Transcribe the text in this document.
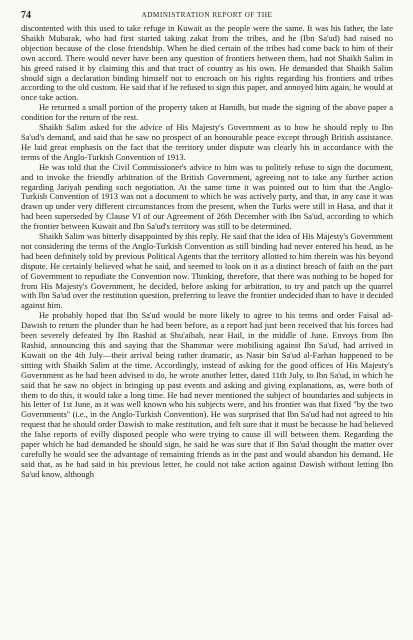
74	ADMINISTRATION REPORT OF THE

discontented with this used to take refuge in Kuwait as the people were the same. It was his father, the late Shaikh Mubarak, who had first started taking zakat from the tribes, and he (Ibn Sa'ud) had raised no objection because of the close friendship. When he died certain of the tribes had come back to him of their own accord. There would never have been any question of frontiers between them, had not Shaikh Salim in his greed raised it by claiming this and that tract of country as his own. He demanded that Shaikh Salim should sign a declaration binding himself not to encroach on his rights regarding his frontiers and tribes according to the old custom. He said that if he refused to sign this paper, and annoyed him again, he would at once take action.

He returned a small portion of the property taken at Hamdh, but made the signing of the above paper a condition for the return of the rest.

Shaikh Salim asked for the advice of His Majesty's Government as to how he should reply to Ibn Sa'ud's demand, and said that he saw no prospect of an honourable peace except through British assistance. He laid great emphasis on the fact that the territory under dispute was clearly his in accordance with the terms of the Anglo-Turkish Convention of 1913.

He was told that the Civil Commissioner's advice to him was to politely refuse to sign the document, and to invoke the friendly arbitration of the British Government, agreeing not to take any further action regarding Jariyah pending such negotiation. At the same time it was pointed out to him that the Anglo-Turkish Convention of 1913 was not a document to which he was actively party, and that, in any case it was drawn up under very different circumstances from the present, when the Turks were still in Hasa, and that it had been superseded by Clause VI of our Agreement of 26th December with Ibn Sa'ud, according to which the frontier between Kuwait and Ibn Sa'ud's territory was still to be determined.

Shaikh Salim was bitterly disappointed by this reply. He said that the idea of His Majesty's Government not considering the terms of the Anglo-Turkish Convention as still binding had never entered his head, as he had been definitely told by previous Political Agents that the territory allotted to him therein was his beyond dispute. He certainly believed what he said, and seemed to look on it as a distinct breach of faith on the part of Government to repudiate the Convention now. Thinking, therefore, that there was nothing to be hoped for from His Majesty's Government, he decided, before asking for arbitration, to try and patch up the quarrel with Ibn Sa'ud over the restitution question, preferring to leave the frontier undecided than to have it decided against him.

He probably hoped that Ibn Sa'ud would be more likely to agree to his terms and order Faisal ad-Dawish to return the plunder than he had been before, as a report had just been received that his forces had been severely defeated by Ibn Rashid at Shu'aibah, near Hail, in the middle of June. Envoys from Ibn Rashid, announcing this and saying that the Shammar were mobilising against Ibn Sa'ud, had arrived in Kuwait on the 4th July—their arrival being rather dramatic, as Nasir bin Sa'ud al-Farhan happened to be sitting with Shaikh Salim at the time. Accordingly, instead of asking for the good offices of His Majesty's Government as he had been advised to do, he wrote another letter, dated 11th July, to Ibn Sa'ud, in which he said that he saw no object in bringing up past events and asking and giving explanations, as, were both of them to do this, it would take a long time. He had never mentioned the subject of boundaries and subjects in his letter of 1st June, as it was well known who his subjects were, and his frontier was that fixed "by the two Governments" (i.e., in the Anglo-Turkish Convention). He was surprised that Ibn Sa'ud had not agreed to his request that he should order Dawish to make restitution, and felt sure that it must be because he had believed the false reports of evilly disposed people who were trying to cause ill will between them. Regarding the paper which he had demanded he should sign, he said he was sure that if Ibn Sa'ud thought the matter over carefully he would see the advantage of remaining friends as in the past and would abandon his demand. He said that, as he had said in his previous letter, he could not take action against Dawish without letting Ibn Sa'ud know, although
